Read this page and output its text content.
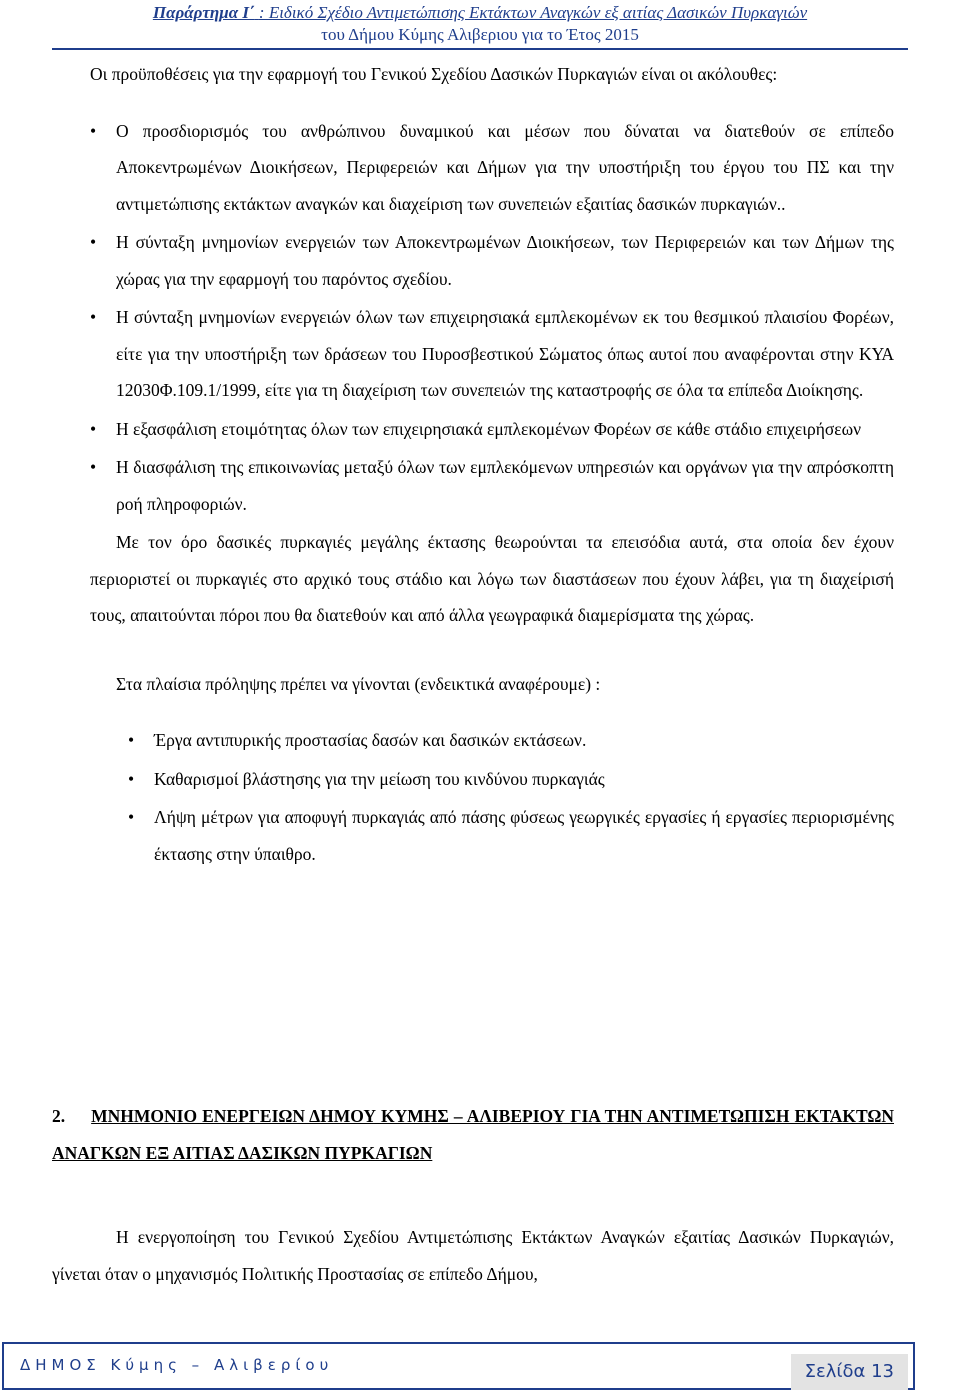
Παράρτημα Ι΄ : Ειδικό Σχέδιο Αντιμετώπισης Εκτάκτων Αναγκών εξ αιτίας Δασικών Πυρκαγιών
του Δήμου Κύμης Αλιβεριου για το Έτος 2015

Οι προϋποθέσεις για την εφαρμογή του Γενικού Σχεδίου Δασικών Πυρκαγιών είναι οι ακόλουθες:

• Ο προσδιορισμός του ανθρώπινου δυναμικού και μέσων που δύναται να διατεθούν σε επίπεδο Αποκεντρωμένων Διοικήσεων, Περιφερειών και Δήμων για την υποστήριξη του έργου του ΠΣ και την αντιμετώπισης εκτάκτων αναγκών και διαχείριση των συνεπειών εξαιτίας δασικών πυρκαγιών..
• Η σύνταξη μνημονίων ενεργειών των Αποκεντρωμένων Διοικήσεων, των Περιφερειών και των Δήμων της χώρας για την εφαρμογή του παρόντος σχεδίου.
• Η σύνταξη μνημονίων ενεργειών όλων των επιχειρησιακά εμπλεκομένων εκ του θεσμικού πλαισίου Φορέων, είτε για την υποστήριξη των δράσεων του Πυροσβεστικού Σώματος όπως αυτοί που αναφέρονται στην ΚΥΑ 12030Φ.109.1/1999, είτε για τη διαχείριση των συνεπειών της καταστροφής σε όλα τα επίπεδα Διοίκησης.
• Η εξασφάλιση ετοιμότητας όλων των επιχειρησιακά εμπλεκομένων Φορέων σε κάθε στάδιο επιχειρήσεων
• Η διασφάλιση της επικοινωνίας μεταξύ όλων των εμπλεκόμενων υπηρεσιών και οργάνων για την απρόσκοπτη ροή πληροφοριών.

Με τον όρο δασικές πυρκαγιές μεγάλης έκτασης θεωρούνται τα επεισόδια αυτά, στα οποία δεν έχουν περιοριστεί οι πυρκαγιές στο αρχικό τους στάδιο και λόγω των διαστάσεων που έχουν λάβει, για τη διαχείρισή τους, απαιτούνται πόροι που θα διατεθούν και από άλλα γεωγραφικά διαμερίσματα της χώρας.

Στα πλαίσια πρόληψης πρέπει να γίνονται (ενδεικτικά αναφέρουμε) :

• Έργα αντιπυρικής προστασίας δασών και δασικών εκτάσεων.
• Καθαρισμοί βλάστησης για την μείωση του κινδύνου πυρκαγιάς
• Λήψη μέτρων για αποφυγή πυρκαγιάς από πάσης φύσεως γεωργικές εργασίες ή εργασίες περιορισμένης έκτασης στην ύπαιθρο.
2. ΜΝΗΜΟΝΙΟ ΕΝΕΡΓΕΙΩΝ ΔΗΜΟΥ ΚΥΜΗΣ – ΑΛΙΒΕΡΙΟΥ ΓΙΑ ΤΗΝ ΑΝΤΙΜΕΤΩΠΙΣΗ ΕΚΤΑΚΤΩΝ ΑΝΑΓΚΩΝ ΕΞ ΑΙΤΙΑΣ ΔΑΣΙΚΩΝ ΠΥΡΚΑΓΙΩΝ

Η ενεργοποίηση του Γενικού Σχεδίου Αντιμετώπισης Εκτάκτων Αναγκών εξαιτίας Δασικών Πυρκαγιών, γίνεται όταν ο μηχανισμός Πολιτικής Προστασίας σε επίπεδο Δήμου,

ΔΗΜΟΣ Κύμης – Αλιβερίου	Σελίδα 13
